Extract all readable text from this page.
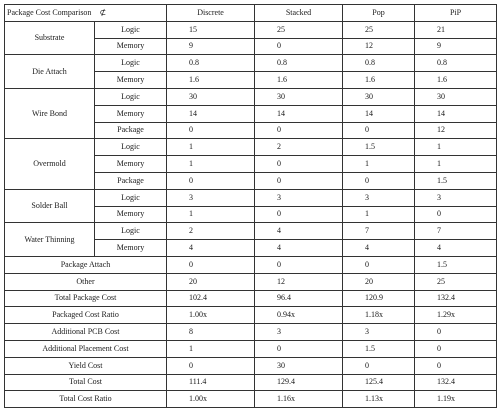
Package Cost Comparison ⊄		Discrete	Stacked	Pop	PiP
Substrate	Logic	15	25	25	21
	Memory	9	0	12	9
Die Attach	Logic	0.8	0.8	0.8	0.8
	Memory	1.6	1.6	1.6	1.6
Wire Bond	Logic	30	30	30	30
	Memory	14	14	14	14
	Package	0	0	0	12
Overmold	Logic	1	2	1.5	1
	Memory	1	0	1	1
	Package	0	0	0	1.5
Solder Ball	Logic	3	3	3	3
	Memory	1	0	1	0
Water Thinning	Logic	2	4	7	7
	Memory	4	4	4	4
Package Attach		0	0	0	1.5
Other		20	12	20	25
Total Package Cost		102.4	96.4	120.9	132.4
Packaged Cost Ratio		1.00x	0.94x	1.18x	1.29x
Additional PCB Cost		8	3	3	0
Additional Placement Cost		1	0	1.5	0
Yield Cost		0	30	0	0
Total Cost		111.4	129.4	125.4	132.4
Total Cost Ratio		1.00x	1.16x	1.13x	1.19x
